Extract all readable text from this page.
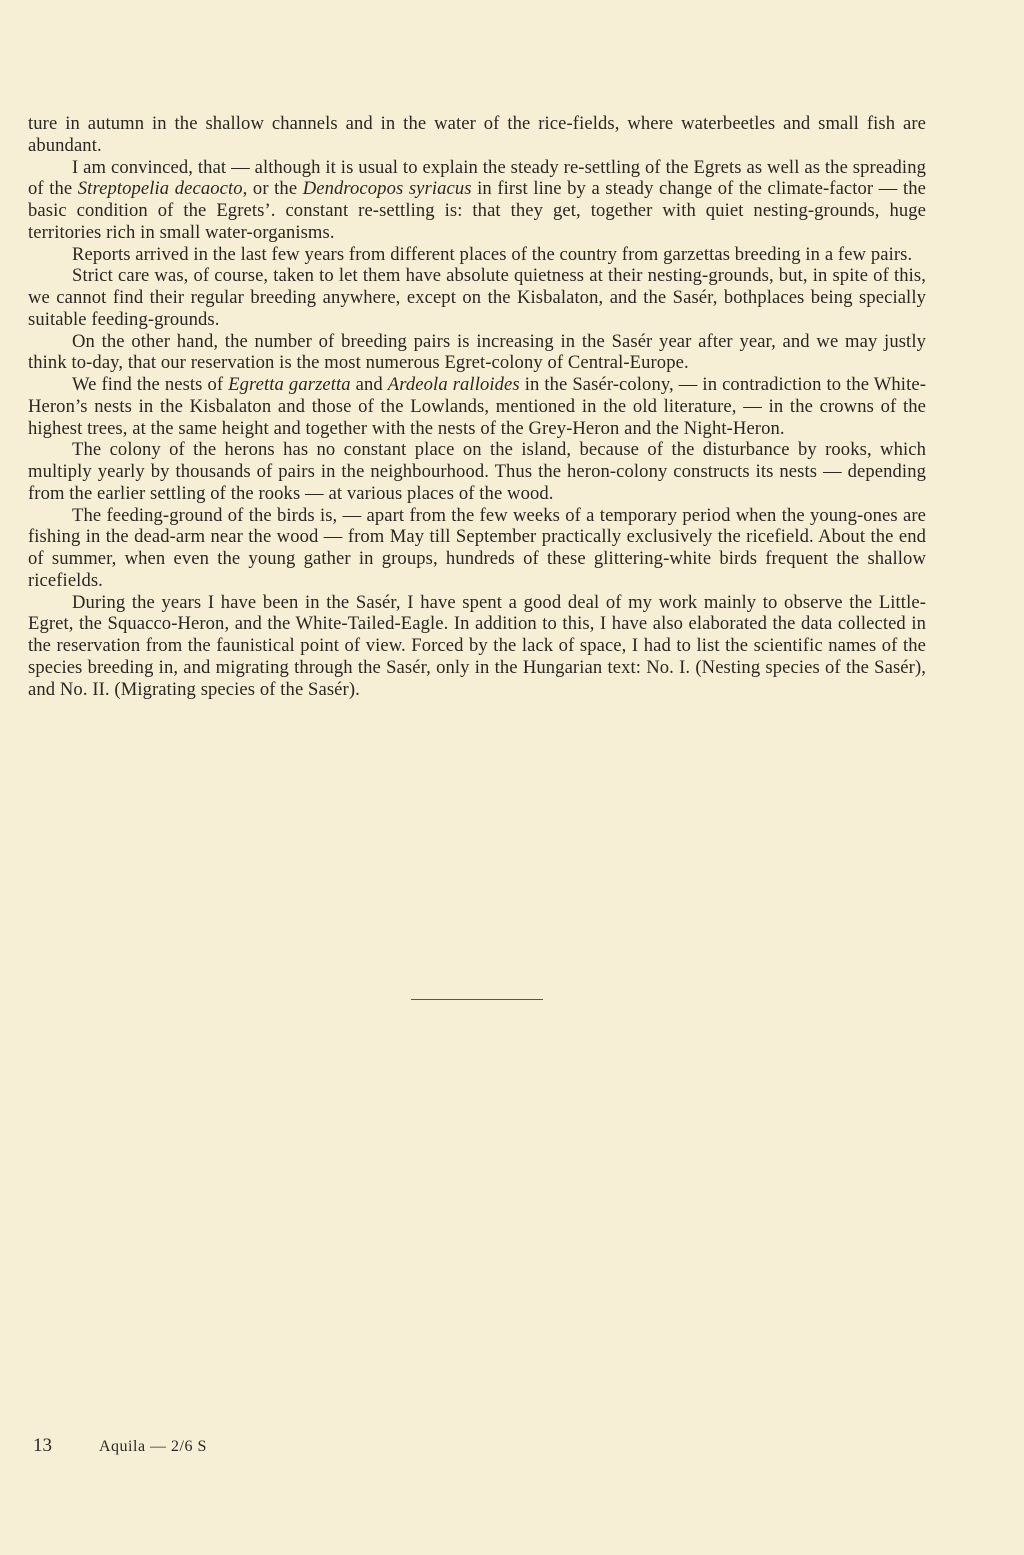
ture in autumn in the shallow channels and in the water of the rice-fields, where waterbeetles and small fish are abundant.

I am convinced, that — although it is usual to explain the steady re-settling of the Egrets as well as the spreading of the Streptopelia decaocto, or the Dendrocopos syriacus in first line by a steady change of the climate-factor — the basic condition of the Egrets’. constant re-settling is: that they get, together with quiet nesting-grounds, huge territories rich in small water-organisms.

Reports arrived in the last few years from different places of the country from garzettas breeding in a few pairs.

Strict care was, of course, taken to let them have absolute quietness at their nesting-grounds, but, in spite of this, we cannot find their regular breeding anywhere, except on the Kisbalaton, and the Sasér, bothplaces being specially suitable feeding-grounds.

On the other hand, the number of breeding pairs is increasing in the Sasér year after year, and we may justly think to-day, that our reservation is the most numerous Egret-colony of Central-Europe.

We find the nests of Egretta garzetta and Ardeola ralloides in the Sasér-colony, — in contradiction to the White-Heron’s nests in the Kisbalaton and those of the Lowlands, mentioned in the old literature, — in the crowns of the highest trees, at the same height and together with the nests of the Grey-Heron and the Night-Heron.

The colony of the herons has no constant place on the island, because of the disturbance by rooks, which multiply yearly by thousands of pairs in the neighbourhood. Thus the heron-colony constructs its nests — depending from the earlier settling of the rooks — at various places of the wood.

The feeding-ground of the birds is, — apart from the few weeks of a temporary period when the young-ones are fishing in the dead-arm near the wood — from May till September practically exclusively the ricefield. About the end of summer, when even the young gather in groups, hundreds of these glittering-white birds frequent the shallow ricefields.

During the years I have been in the Sasér, I have spent a good deal of my work mainly to observe the Little-Egret, the Squacco-Heron, and the White-Tailed-Eagle. In addition to this, I have also elaborated the data collected in the reservation from the faunistical point of view. Forced by the lack of space, I had to list the scientific names of the species breeding in, and migrating through the Sasér, only in the Hungarian text: No. I. (Nesting species of the Sasér), and No. II. (Migrating species of the Sasér).

13	Aquila — 2/6 S
